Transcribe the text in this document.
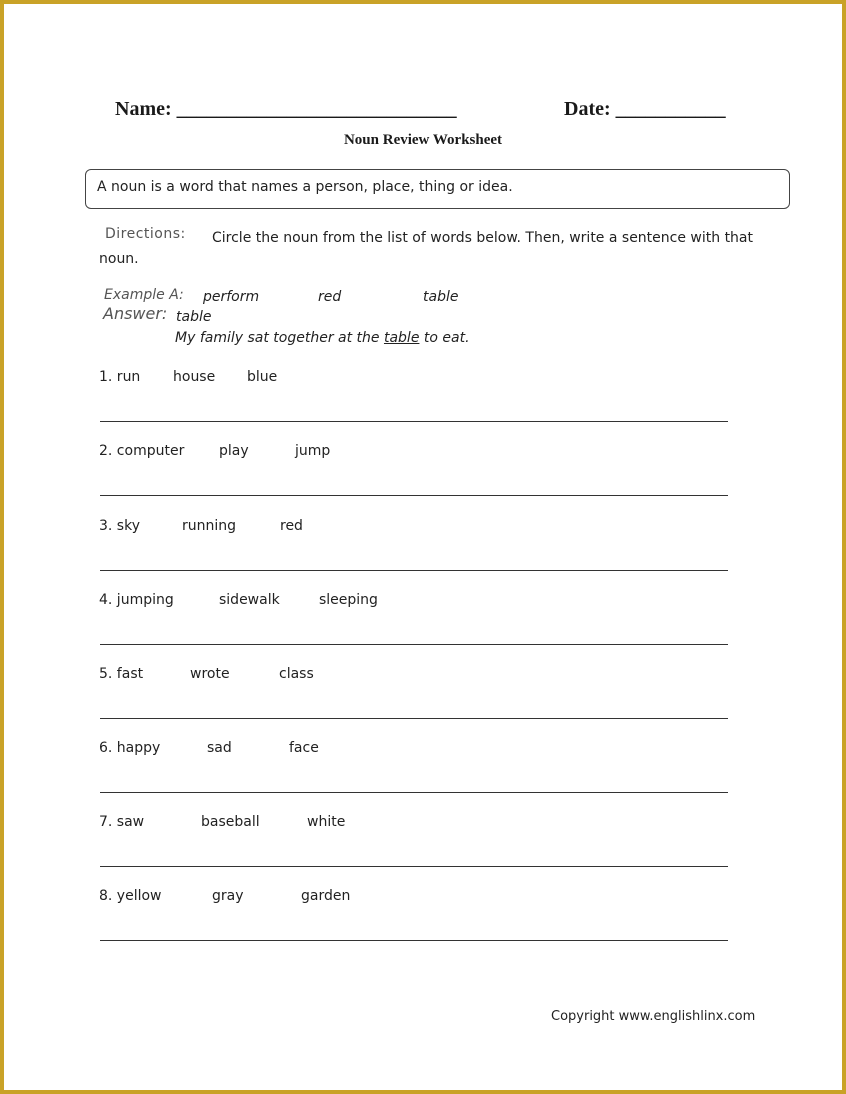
Name: ____________________________	Date: ___________
Noun Review Worksheet
A noun is a word that names a person, place, thing or idea.
Directions: Circle the noun from the list of words below. Then, write a sentence with that
noun.
Example A: perform	red	table
Answer: table
My family sat together at the table to eat.
1. run house blue
2. computer play	jump
3. sky	running	red
4. jumping	sidewalk	sleeping
5. fast	wrote	class
6. happy	sad	face
7. saw	baseball	white
8. yellow	gray	garden
Copyright www.englishlinx.com
